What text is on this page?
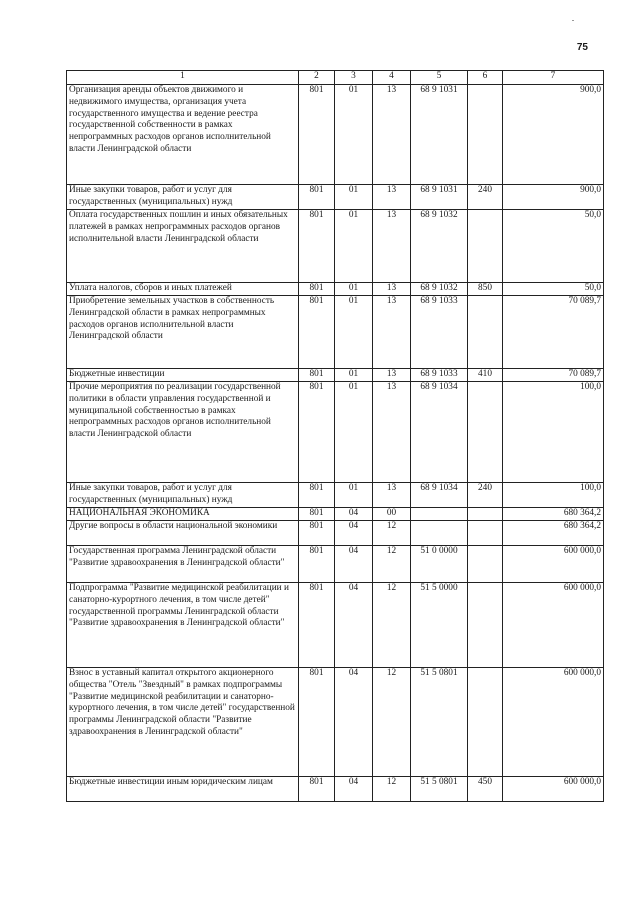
75
1	2	3	4	5	6	7
Организация аренды объектов движимого и недвижимого имущества, организация учета государственного имущества и ведение реестра государственной собственности в рамках непрограммных расходов органов исполнительной власти Ленинградской области	801	01	13	68 9 1031		900,0
Иные закупки товаров, работ и услуг для государственных (муниципальных) нужд	801	01	13	68 9 1031	240	900,0
Оплата государственных пошлин и иных обязательных платежей в рамках непрограммных расходов органов исполнительной власти Ленинградской области	801	01	13	68 9 1032		50,0
Уплата налогов, сборов и иных платежей	801	01	13	68 9 1032	850	50,0
Приобретение земельных участков в собственность Ленинградской области в рамках непрограммных расходов органов исполнительной власти Ленинградской области	801	01	13	68 9 1033		70 089,7
Бюджетные инвестиции	801	01	13	68 9 1033	410	70 089,7
Прочие мероприятия по реализации государственной политики в области управления государственной и муниципальной собственностью в рамках непрограммных расходов органов исполнительной власти Ленинградской области	801	01	13	68 9 1034		100,0
Иные закупки товаров, работ и услуг для государственных (муниципальных) нужд	801	01	13	68 9 1034	240	100,0
НАЦИОНАЛЬНАЯ ЭКОНОМИКА	801	04	00			680 364,2
Другие вопросы в области национальной экономики	801	04	12			680 364,2
Государственная программа Ленинградской области "Развитие здравоохранения в Ленинградской области"	801	04	12	51 0 0000		600 000,0
Подпрограмма "Развитие медицинской реабилитации и санаторно-курортного лечения, в том числе детей" государственной программы Ленинградской области "Развитие здравоохранения в Ленинградской области"	801	04	12	51 5 0000		600 000,0
Взнос в уставный капитал открытого акционерного общества "Отель "Звездный" в рамках подпрограммы "Развитие медицинской реабилитации и санаторно-курортного лечения, в том числе детей" государственной программы Ленинградской области "Развитие здравоохранения в Ленинградской области"	801	04	12	51 5 0801		600 000,0
Бюджетные инвестиции иным юридическим лицам	801	04	12	51 5 0801	450	600 000,0
